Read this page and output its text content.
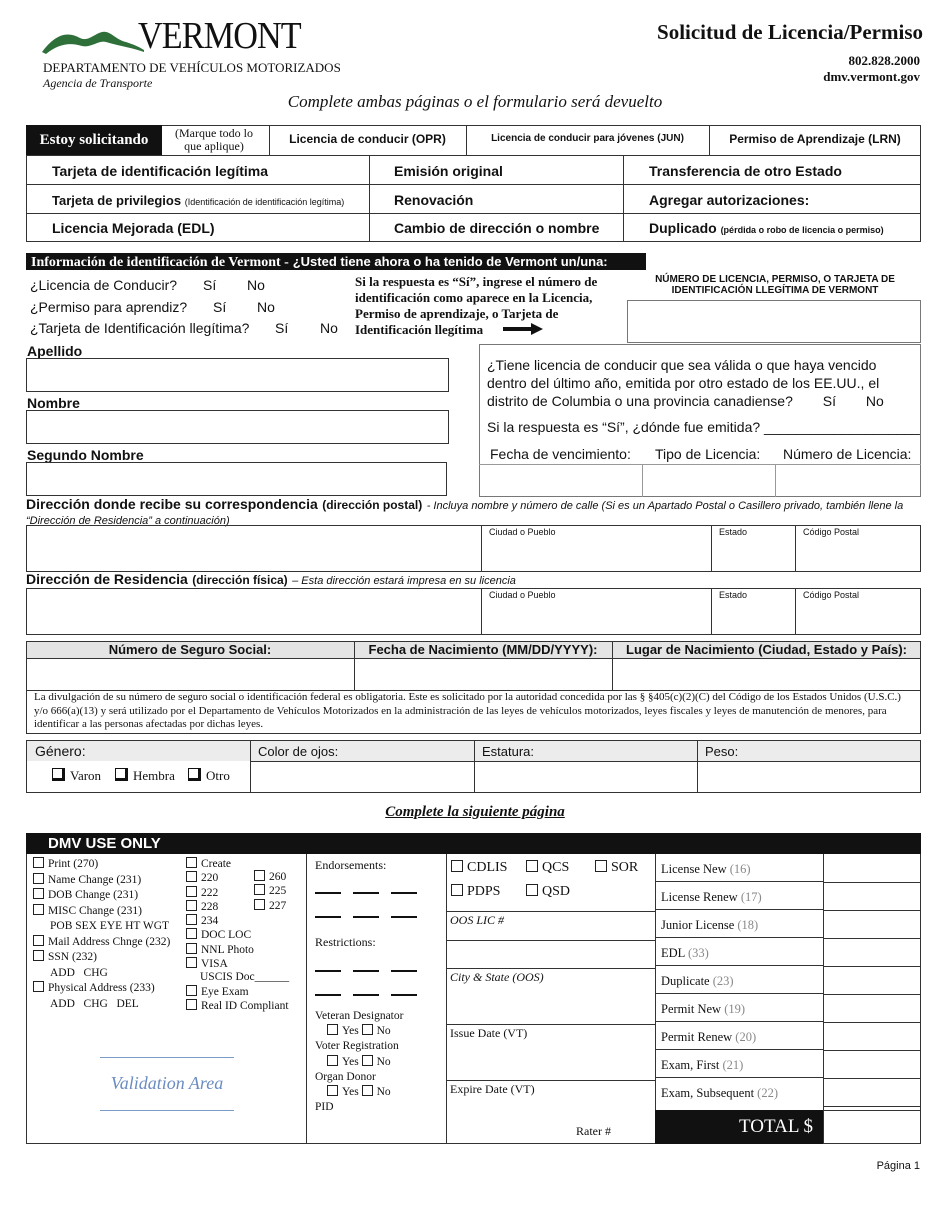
VERMONT
DEPARTAMENTO DE VEHÍCULOS MOTORIZADOS
Agencia de Transporte
Solicitud de Licencia/Permiso
802.828.2000
dmv.vermont.gov
Complete ambas páginas o el formulario será devuelto
Estoy solicitando	(Marque todo lo que aplique)	Licencia de conducir (OPR)	Licencia de conducir para jóvenes (JUN)	Permiso de Aprendizaje (LRN)
Tarjeta de identificación legítima	Emisión original	Transferencia de otro Estado
Tarjeta de privilegios (Identificación de identificación legítima)	Renovación	Agregar autorizaciones:
Licencia Mejorada (EDL)	Cambio de dirección o nombre	Duplicado (pérdida o robo de licencia o permiso)
Información de identificación de Vermont - ¿Usted tiene ahora o ha tenido de Vermont un/una:
¿Licencia de Conducir? Sí No
¿Permiso para aprendiz? Sí No
¿Tarjeta de Identificación llegítima? Sí No
Si la respuesta es “Sí”, ingrese el número de identificación como aparece en la Licencia, Permiso de aprendizaje, o Tarjeta de Identificación llegítima
NÚMERO DE LICENCIA, PERMISO, O TARJETA DE IDENTIFICACIÓN LLEGÍTIMA DE VERMONT
Apellido
Nombre
Segundo Nombre
¿Tiene licencia de conducir que sea válida o que haya vencido dentro del último año, emitida por otro estado de los EE.UU., el distrito de Columbia o una provincia canadiense? Sí No
Si la respuesta es “Sí”, ¿dónde fue emitida? ____________________
Fecha de vencimiento: Tipo de Licencia: Número de Licencia:
Dirección donde recibe su correspondencia (dirección postal) - Incluya nombre y número de calle (Si es un Apartado Postal o Casillero privado, también llene la “Dirección de Residencia” a continuación)
Ciudad o Pueblo	Estado	Código Postal
Dirección de Residencia (dirección física) – Esta dirección estará impresa en su licencia
Ciudad o Pueblo	Estado	Código Postal
Número de Seguro Social:	Fecha de Nacimiento (MM/DD/YYYY):	Lugar de Nacimiento (Ciudad, Estado y País):
La divulgación de su número de seguro social o identificación federal es obligatoria. Este es solicitado por la autoridad concedida por las § §405(c)(2)(C) del Código de los Estados Unidos (U.S.C.) y/o 666(a)(13) y será utilizado por el Departamento de Vehículos Motorizados en la administración de las leyes de vehículos motorizados, leyes fiscales y leyes de manutención de menores, para identificar a las personas afectadas por dichas leyes.
Género:
Varon	Hembra	Otro
Color de ojos:	Estatura:	Peso:
Complete la siguiente página
DMV USE ONLY
Print (270)
Name Change (231)
DOB Change (231)
MISC Change (231)
POB SEX EYE HT WGT
Mail Address Chnge (232)
SSN (232)
ADD   CHG
Physical Address (233)
ADD   CHG   DEL
Create
220
222
228
234
DOC LOC
NNL Photo
VISA
USCIS Doc______
Eye Exam
Real ID Compliant
260
225
227
Validation Area
Endorsements:
Restrictions:
Veteran Designator
Yes No
Voter Registration
Yes No
Organ Donor
Yes No
PID
CDLIS	QCS	SOR
PDPS	QSD
OOS LIC #
City & State (OOS)
Issue Date (VT)
Expire Date (VT)
Rater #
License New (16)
License Renew (17)
Junior License (18)
EDL (33)
Duplicate (23)
Permit New (19)
Permit Renew (20)
Exam, First (21)
Exam, Subsequent (22)
TOTAL $
Página 1
